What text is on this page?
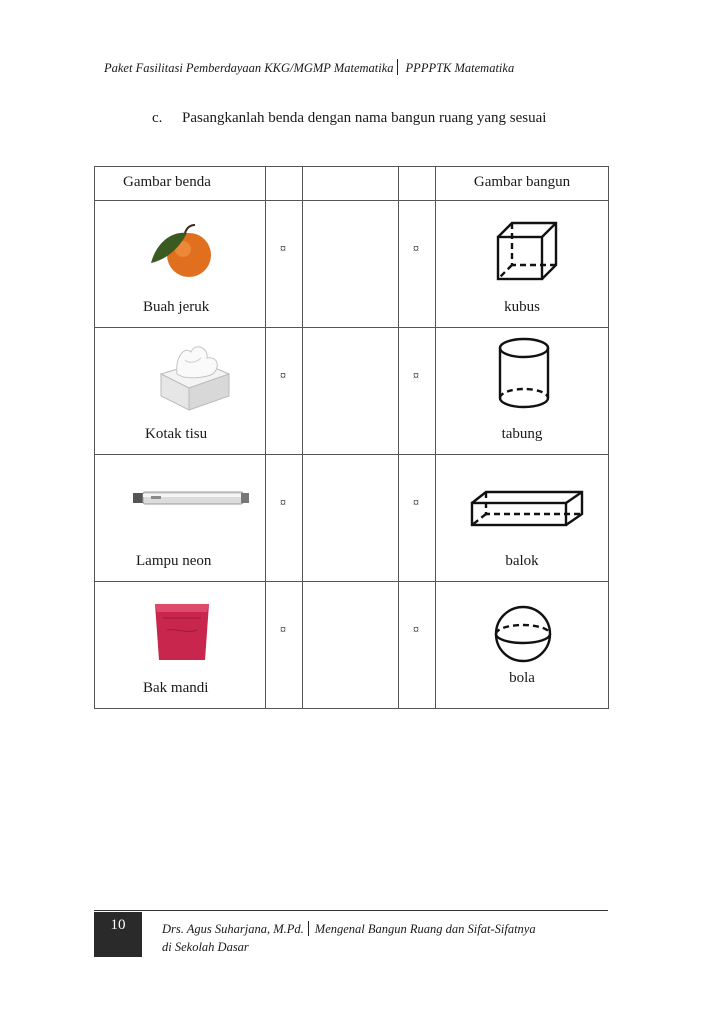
Paket Fasilitasi Pemberdayaan KKG/MGMP Matematika PPPPTK Matematika
c. Pasangkanlah benda dengan nama bangun ruang yang sesuai
Gambar benda				Gambar bangun

Buah jeruk	¤		¤	kubus

Kotak tisu	¤		¤	tabung

Lampu neon	¤		¤	balok

Bak mandi	¤		¤	bola
10	Drs. Agus Suharjana, M.Pd. Mengenal Bangun Ruang dan Sifat-Sifatnya
di Sekolah Dasar
